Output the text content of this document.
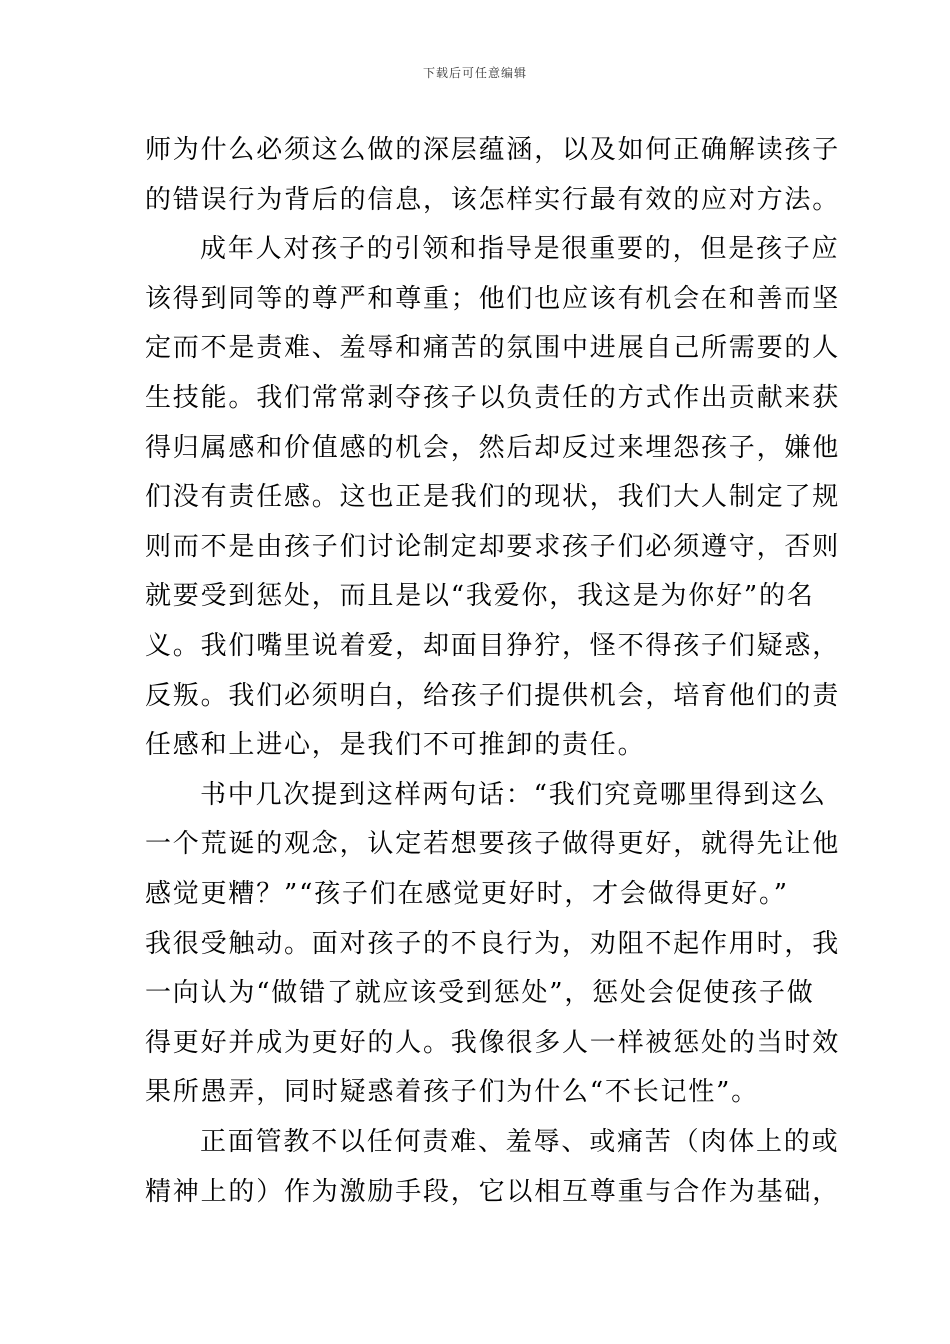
下载后可任意编辑
师为什么必须这么做的深层蕴涵，以及如何正确解读孩子
的错误行为背后的信息，该怎样实行最有效的应对方法。
成年人对孩子的引领和指导是很重要的，但是孩子应
该得到同等的尊严和尊重；他们也应该有机会在和善而坚
定而不是责难、羞辱和痛苦的氛围中进展自己所需要的人
生技能。我们常常剥夺孩子以负责任的方式作出贡献来获
得归属感和价值感的机会，然后却反过来埋怨孩子，嫌他
们没有责任感。这也正是我们的现状，我们大人制定了规
则而不是由孩子们讨论制定却要求孩子们必须遵守，否则
就要受到惩处，而且是以“我爱你，我这是为你好”的名
义。我们嘴里说着爱，却面目狰狞，怪不得孩子们疑惑，
反叛。我们必须明白，给孩子们提供机会，培育他们的责
任感和上进心，是我们不可推卸的责任。
书中几次提到这样两句话：“我们究竟哪里得到这么
一个荒诞的观念，认定若想要孩子做得更好，就得先让他
感觉更糟？”“孩子们在感觉更好时，才会做得更好。”
我很受触动。面对孩子的不良行为，劝阻不起作用时，我
一向认为“做错了就应该受到惩处”，惩处会促使孩子做
得更好并成为更好的人。我像很多人一样被惩处的当时效
果所愚弄，同时疑惑着孩子们为什么“不长记性”。
正面管教不以任何责难、羞辱、或痛苦（肉体上的或
精神上的）作为激励手段，它以相互尊重与合作为基础，
